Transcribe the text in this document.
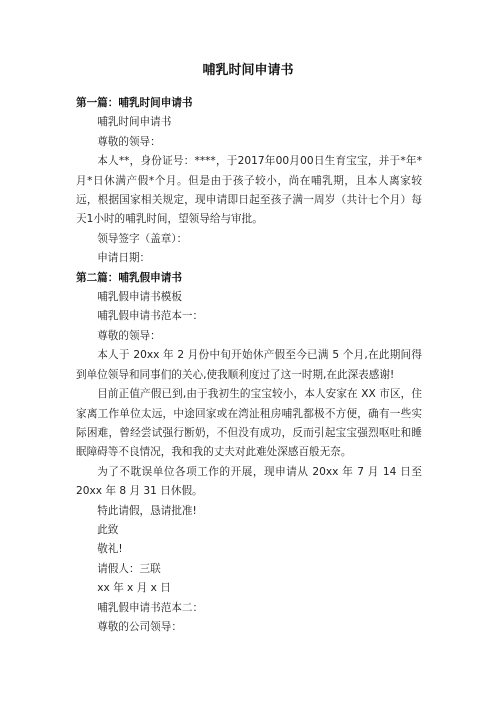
哺乳时间申请书
第一篇：哺乳时间申请书

哺乳时间申请书

尊敬的领导：

本人**，身份证号：****，于2017年00月00日生育宝宝，并于*年*月*日休满产假*个月。但是由于孩子较小，尚在哺乳期，且本人离家较远，根据国家相关规定，现申请即日起至孩子满一周岁（共计七个月）每天1小时的哺乳时间，望领导给与审批。

领导签字（盖章）：

申请日期：

第二篇：哺乳假申请书

哺乳假申请书模板

哺乳假申请书范本一：

尊敬的领导：

本人于 20xx 年 2 月份中旬开始休产假至今已满 5 个月,在此期间得到单位领导和同事们的关心,使我顺利度过了这一时期,在此深表感谢!

目前正值产假已到,由于我初生的宝宝较小，本人安家在 XX 市区，住家离工作单位太远，中途回家或在湾沚租房哺乳都极不方便，确有一些实际困难，曾经尝试强行断奶，不但没有成功，反而引起宝宝强烈呕吐和睡眠障碍等不良情况，我和我的丈夫对此难处深感百般无奈。

为了不耽误单位各项工作的开展，现申请从 20xx 年 7 月 14 日至 20xx 年 8 月 31 日休假。

特此请假，恳请批准!

此致

敬礼!

请假人：三联

xx 年 x 月 x 日

哺乳假申请书范本二：

尊敬的公司领导：
